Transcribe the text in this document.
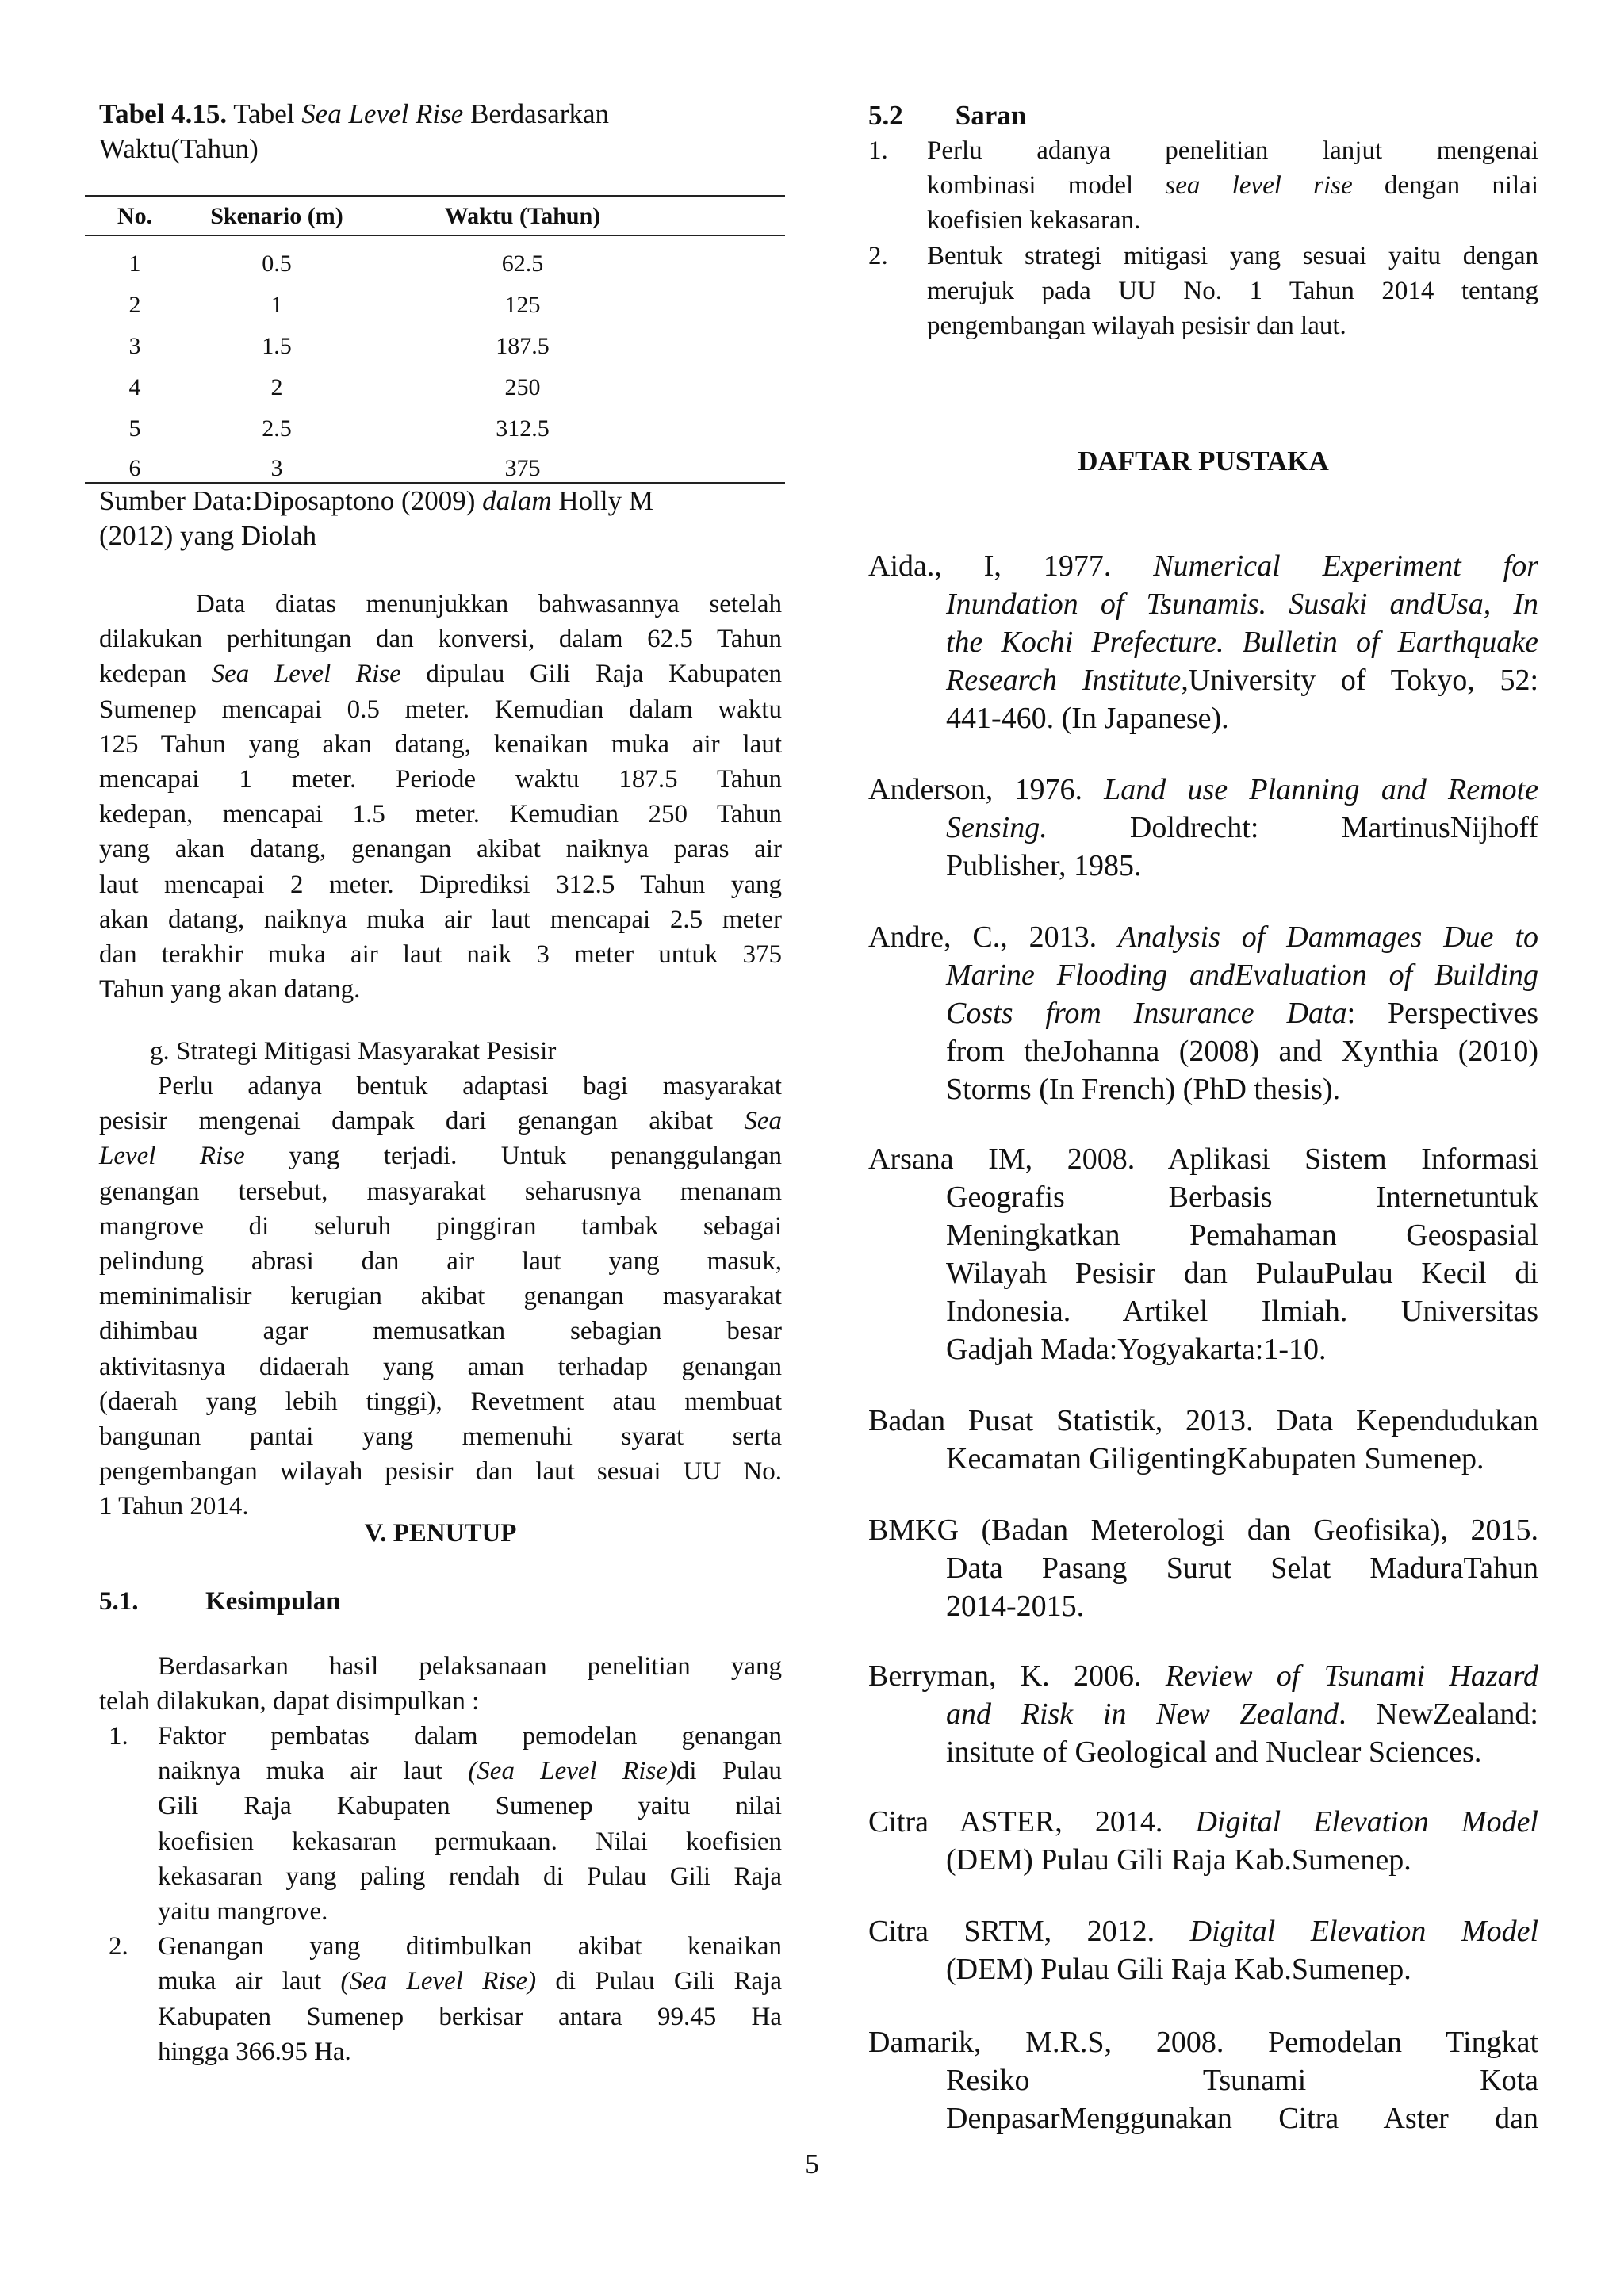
Tabel 4.15. Tabel Sea Level Rise Berdasarkan
Waktu(Tahun)
No.	Skenario (m)	Waktu (Tahun)
1	0.5	62.5
2	1	125
3	1.5	187.5
4	2	250
5	2.5	312.5
6	3	375
Sumber Data:Diposaptono (2009) dalam Holly M
(2012) yang Diolah
Data diatas menunjukkan bahwasannya setelah
dilakukan perhitungan dan konversi, dalam 62.5 Tahun
kedepan Sea Level Rise dipulau Gili Raja Kabupaten
Sumenep mencapai 0.5 meter. Kemudian dalam waktu
125 Tahun yang akan datang, kenaikan muka air laut
mencapai 1 meter. Periode waktu 187.5 Tahun
kedepan, mencapai 1.5 meter. Kemudian 250 Tahun
yang akan datang, genangan akibat naiknya paras air
laut mencapai 2 meter. Diprediksi 312.5 Tahun yang
akan datang, naiknya muka air laut mencapai 2.5 meter
dan terakhir muka air laut naik 3 meter untuk 375
Tahun yang akan datang.
g. Strategi Mitigasi Masyarakat Pesisir
Perlu adanya bentuk adaptasi bagi masyarakat
pesisir mengenai dampak dari genangan akibat Sea
Level Rise yang terjadi. Untuk penanggulangan
genangan tersebut, masyarakat seharusnya menanam
mangrove di seluruh pinggiran tambak sebagai
pelindung abrasi dan air laut yang masuk,
meminimalisir kerugian akibat genangan masyarakat
dihimbau agar memusatkan sebagian besar
aktivitasnya didaerah yang aman terhadap genangan
(daerah yang lebih tinggi), Revetment atau membuat
bangunan pantai yang memenuhi syarat serta
pengembangan wilayah pesisir dan laut sesuai UU No.
1 Tahun 2014.
V. PENUTUP
5.1.	Kesimpulan
Berdasarkan hasil pelaksanaan penelitian yang
telah dilakukan, dapat disimpulkan :
1. Faktor pembatas dalam pemodelan genangan
naiknya muka air laut (Sea Level Rise)di Pulau
Gili Raja Kabupaten Sumenep yaitu nilai
koefisien kekasaran permukaan. Nilai koefisien
kekasaran yang paling rendah di Pulau Gili Raja
yaitu mangrove.
2. Genangan yang ditimbulkan akibat kenaikan
muka air laut (Sea Level Rise) di Pulau Gili Raja
Kabupaten Sumenep berkisar antara 99.45 Ha
hingga 366.95 Ha.
5.2 Saran
1. Perlu adanya penelitian lanjut mengenai
kombinasi model sea level rise dengan nilai
koefisien kekasaran.
2. Bentuk strategi mitigasi yang sesuai yaitu dengan
merujuk pada UU No. 1 Tahun 2014 tentang
pengembangan wilayah pesisir dan laut.
DAFTAR PUSTAKA
Aida., I, 1977. Numerical Experiment for
Inundation of Tsunamis. Susaki andUsa, In
the Kochi Prefecture. Bulletin of Earthquake
Research Institute,University of Tokyo, 52:
441-460. (In Japanese).
Anderson, 1976. Land use Planning and Remote
Sensing. Doldrecht: MartinusNijhoff
Publisher, 1985.
Andre, C., 2013. Analysis of Dammages Due to
Marine Flooding andEvaluation of Building
Costs from Insurance Data: Perspectives
from theJohanna (2008) and Xynthia (2010)
Storms (In French) (PhD thesis).
Arsana IM, 2008. Aplikasi Sistem Informasi
Geografis Berbasis Internetuntuk
Meningkatkan Pemahaman Geospasial
Wilayah Pesisir dan PulauPulau Kecil di
Indonesia. Artikel Ilmiah. Universitas
Gadjah Mada:Yogyakarta:1-10.
Badan Pusat Statistik, 2013. Data Kependudukan
Kecamatan GiligentingKabupaten Sumenep.
BMKG (Badan Meterologi dan Geofisika), 2015.
Data Pasang Surut Selat MaduraTahun
2014-2015.
Berryman, K. 2006. Review of Tsunami Hazard
and Risk in New Zealand. NewZealand:
insitute of Geological and Nuclear Sciences.
Citra ASTER, 2014. Digital Elevation Model
(DEM) Pulau Gili Raja Kab.Sumenep.
Citra SRTM, 2012. Digital Elevation Model
(DEM) Pulau Gili Raja Kab.Sumenep.
Damarik, M.R.S, 2008. Pemodelan Tingkat
Resiko Tsunami Kota
DenpasarMenggunakan Citra Aster dan
5
